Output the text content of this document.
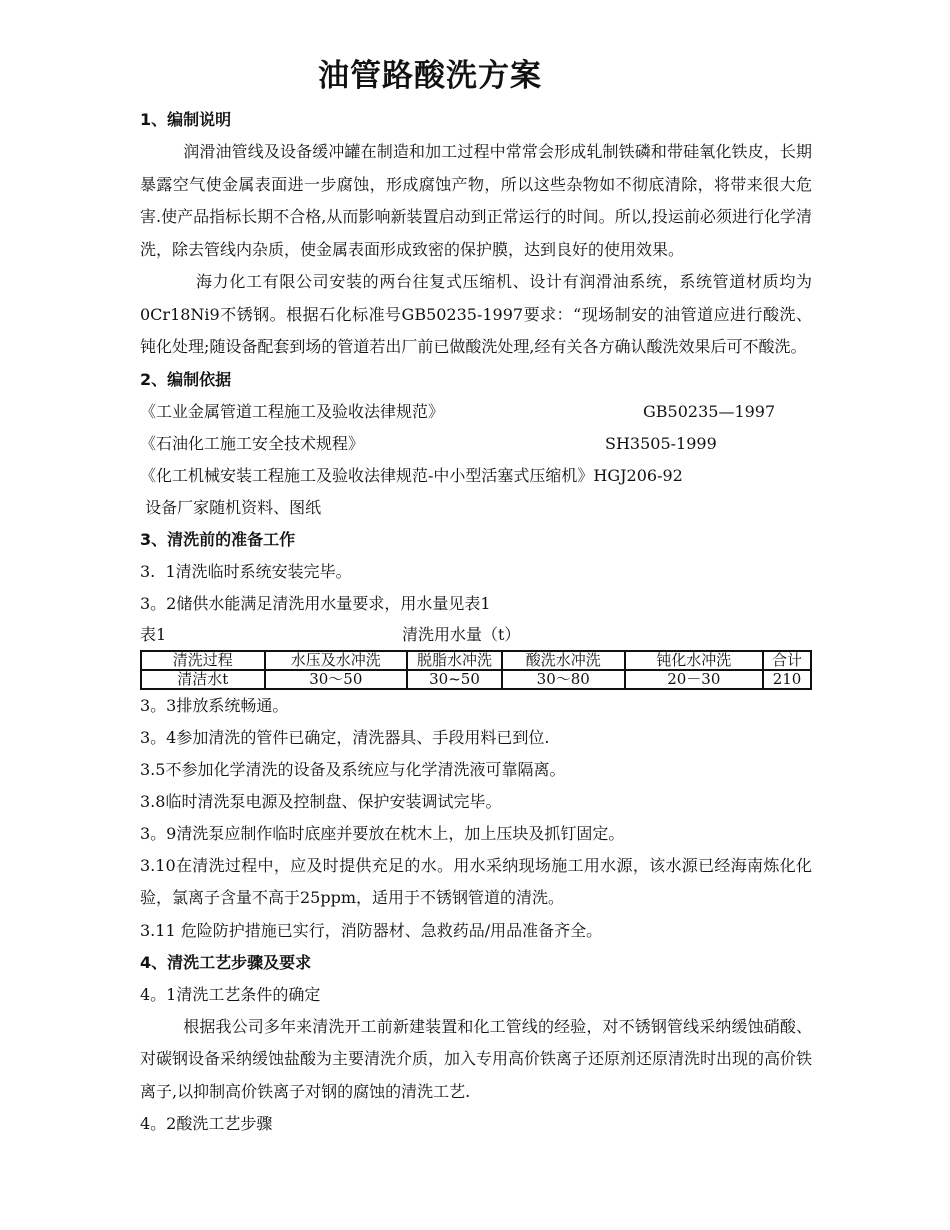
油管路酸洗方案
1、编制说明
润滑油管线及设备缓冲罐在制造和加工过程中常常会形成轧制铁磷和带硅氧化铁皮，长期暴露空气使金属表面进一步腐蚀，形成腐蚀产物，所以这些杂物如不彻底清除，将带来很大危害.使产品指标长期不合格,从而影响新装置启动到正常运行的时间。所以,投运前必须进行化学清洗，除去管线内杂质，使金属表面形成致密的保护膜，达到良好的使用效果。
海力化工有限公司安装的两台往复式压缩机、设计有润滑油系统，系统管道材质均为0Cr18Ni9不锈钢。根据石化标准号GB50235-1997要求：“现场制安的油管道应进行酸洗、钝化处理;随设备配套到场的管道若出厂前已做酸洗处理,经有关各方确认酸洗效果后可不酸洗。
2、编制依据
《工业金属管道工程施工及验收法律规范》	GB50235—1997
《石油化工施工安全技术规程》	SH3505-1999
《化工机械安装工程施工及验收法律规范-中小型活塞式压缩机》HGJ206-92
设备厂家随机资料、图纸
3、清洗前的准备工作
3.  1清洗临时系统安装完毕。
3。2储供水能满足清洗用水量要求，用水量见表1
表1	清洗用水量（t）
清洗过程	水压及水冲洗	脱脂水冲洗	酸洗水冲洗	钝化水冲洗	合计
清洁水t	30～50	30~50	30～80	20－30	210
3。3排放系统畅通。
3。4参加清洗的管件已确定，清洗器具、手段用料已到位.
3.5不参加化学清洗的设备及系统应与化学清洗液可靠隔离。
3.8临时清洗泵电源及控制盘、保护安装调试完毕。
3。9清洗泵应制作临时底座并要放在枕木上，加上压块及抓钉固定。
3.10在清洗过程中，应及时提供充足的水。用水采纳现场施工用水源，该水源已经海南炼化化验，氯离子含量不高于25ppm，适用于不锈钢管道的清洗。
3.11 危险防护措施已实行，消防器材、急救药品/用品准备齐全。
4、清洗工艺步骤及要求
4。1清洗工艺条件的确定
根据我公司多年来清洗开工前新建装置和化工管线的经验，对不锈钢管线采纳缓蚀硝酸、对碳钢设备采纳缓蚀盐酸为主要清洗介质，加入专用高价铁离子还原剂还原清洗时出现的高价铁离子,以抑制高价铁离子对钢的腐蚀的清洗工艺.
4。2酸洗工艺步骤
